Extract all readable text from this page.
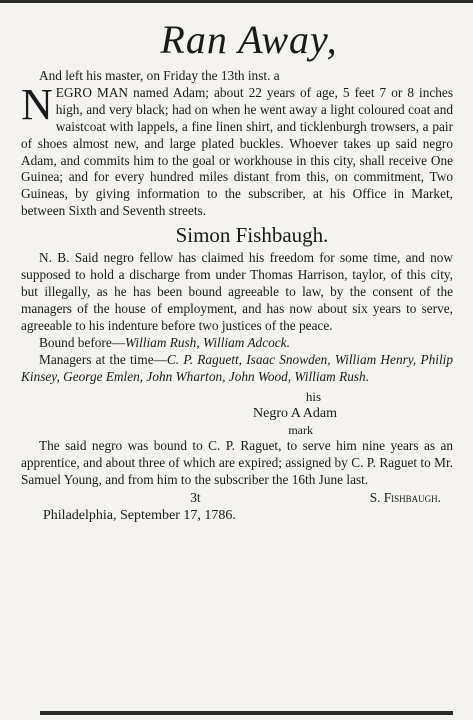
Ran Away,

And left his master, on Friday the 13th inst. a

NEGRO MAN named Adam; about 22 years of age, 5 feet 7 or 8 inches high, and very black; had on when he went away a light coloured coat and waistcoat with lappels, a fine linen shirt, and ticklenburgh trowsers, a pair of shoes almost new, and large plated buckles. Whoever takes up said negro Adam, and commits him to the goal or workhouse in this city, shall receive One Guinea; and for every hundred miles distant from this, on commitment, Two Guineas, by giving information to the subscriber, at his Office in Market, between Sixth and Seventh streets.

Simon Fishbaugh.

N. B. Said negro fellow has claimed his freedom for some time, and now supposed to hold a discharge from under Thomas Harrison, taylor, of this city, but illegally, as he has been bound agreeable to law, by the consent of the managers of the house of employment, and has now about six years to serve, agreeable to his indenture before two justices of the peace.

Bound before—William Rush, William Adcock.

Managers at the time—C. P. Raguett, Isaac Snowden, William Henry, Philip Kinsey, George Emlen, John Wharton, John Wood, William Rush.

his
Negro A Adam
mark

The said negro was bound to C. P. Raguet, to serve him nine years as an apprentice, and about three of which are expired; assigned by C. P. Raguet to Mr. Samuel Young, and from him to the subscriber the 16th June last.

3t	S. Fishbaugh.
Philadelphia, September 17, 1786.
